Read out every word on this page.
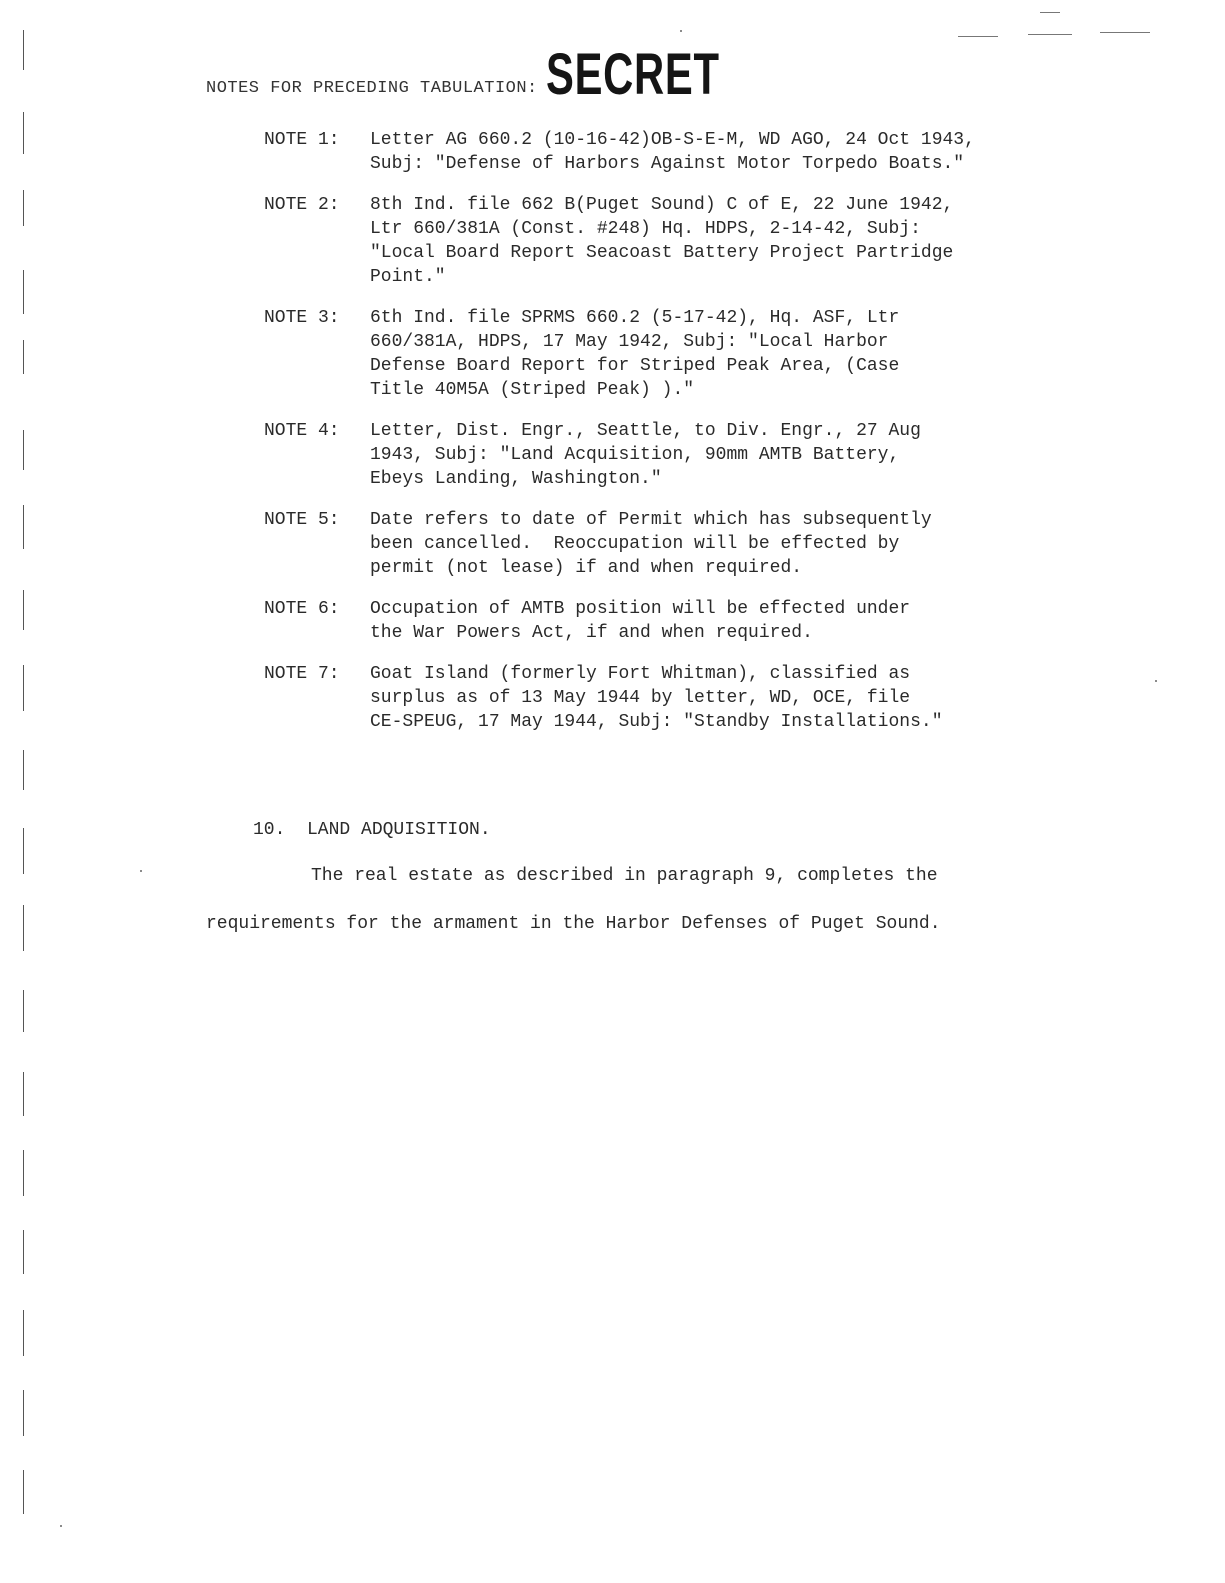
NOTES FOR PRECEDING TABULATION: SECRET
NOTE 1:	Letter AG 660.2 (10-16-42)OB-S-E-M, WD AGO, 24 Oct 1943,
Subj: "Defense of Harbors Against Motor Torpedo Boats."
NOTE 2:	8th Ind. file 662 B(Puget Sound) C of E, 22 June 1942,
Ltr 660/381A (Const. #248) Hq. HDPS, 2-14-42, Subj:
"Local Board Report Seacoast Battery Project Partridge
Point."
NOTE 3:	6th Ind. file SPRMS 660.2 (5-17-42), Hq. ASF, Ltr
660/381A, HDPS, 17 May 1942, Subj: "Local Harbor
Defense Board Report for Striped Peak Area, (Case
Title 40M5A (Striped Peak) )."
NOTE 4:	Letter, Dist. Engr., Seattle, to Div. Engr., 27 Aug
1943, Subj: "Land Acquisition, 90mm AMTB Battery,
Ebeys Landing, Washington."
NOTE 5:	Date refers to date of Permit which has subsequently
been cancelled.  Reoccupation will be effected by
permit (not lease) if and when required.
NOTE 6:	Occupation of AMTB position will be effected under
the War Powers Act, if and when required.
NOTE 7:	Goat Island (formerly Fort Whitman), classified as
surplus as of 13 May 1944 by letter, WD, OCE, file
CE-SPEUG, 17 May 1944, Subj: "Standby Installations."
10.  LAND ADQUISITION.
The real estate as described in paragraph 9, completes the
requirements for the armament in the Harbor Defenses of Puget Sound.
